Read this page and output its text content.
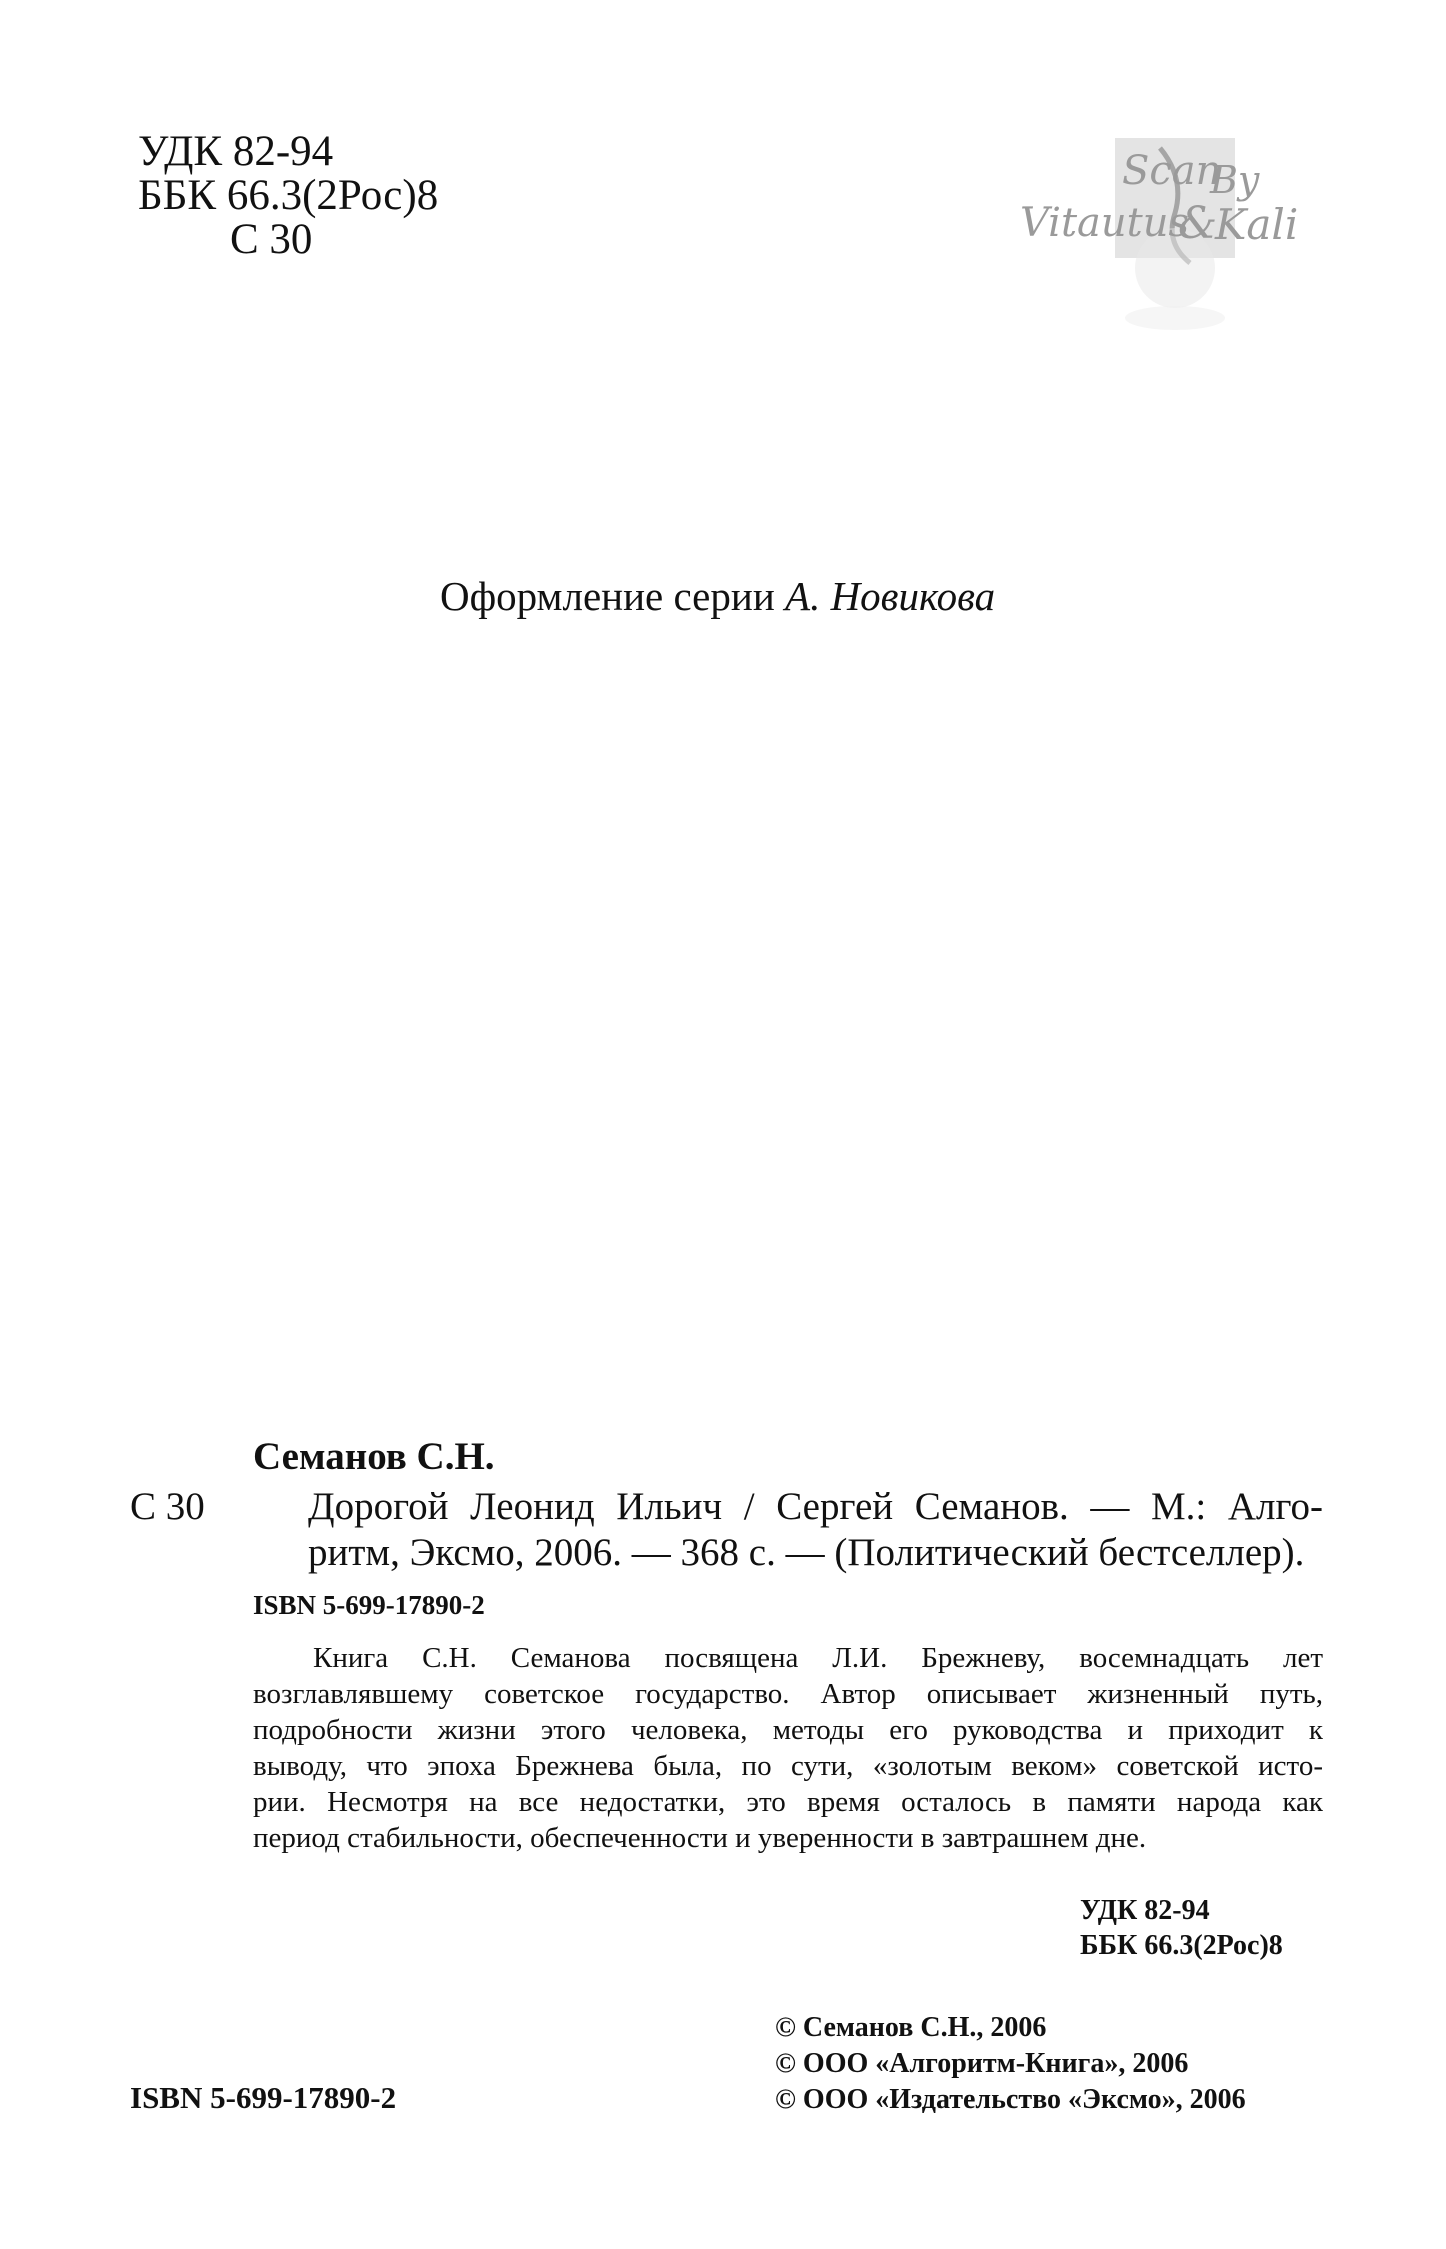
УДК 82-94
ББК 66.3(2Рос)8
С 30
Scan
By
Vitautus
&
Kali
Оформление серии А. Новикова
Семанов С.Н.
С 30	Дорогой Леонид Ильич / Сергей Семанов. — М.: Алго-
ритм, Эксмо, 2006. — 368 с. — (Политический бестселлер).
ISBN 5-699-17890-2
Книга С.Н. Семанова посвящена Л.И. Брежневу, восемнадцать лет
возглавлявшему советское государство. Автор описывает жизненный путь,
подробности жизни этого человека, методы его руководства и приходит к
выводу, что эпоха Брежнева была, по сути, «золотым веком» советской исто-
рии. Несмотря на все недостатки, это время осталось в памяти народа как
период стабильности, обеспеченности и уверенности в завтрашнем дне.
УДК 82-94
ББК 66.3(2Рос)8
© Семанов С.Н., 2006
© ООО «Алгоритм-Книга», 2006
© ООО «Издательство «Эксмо», 2006
ISBN 5-699-17890-2
